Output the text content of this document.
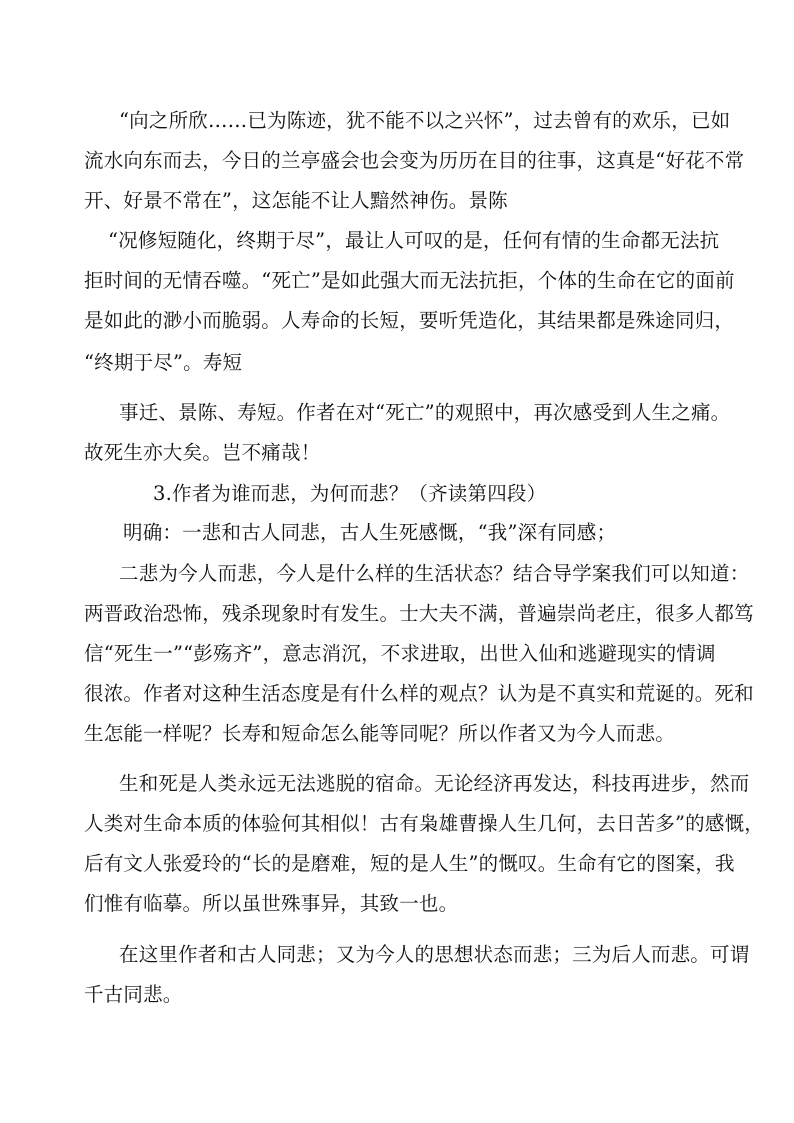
“向之所欣……已为陈迹，犹不能不以之兴怀”，过去曾有的欢乐，已如
流水向东而去，今日的兰亭盛会也会变为历历在目的往事，这真是“好花不常
开、好景不常在”，这怎能不让人黯然神伤。景陈
“况修短随化，终期于尽”，最让人可叹的是，任何有情的生命都无法抗
拒时间的无情吞噬。“死亡”是如此强大而无法抗拒，个体的生命在它的面前
是如此的渺小而脆弱。人寿命的长短，要听凭造化，其结果都是殊途同归，
“终期于尽”。寿短
事迁、景陈、寿短。作者在对“死亡”的观照中，再次感受到人生之痛。
故死生亦大矣。岂不痛哉！
3.作者为谁而悲，为何而悲？（齐读第四段）
明确：一悲和古人同悲，古人生死感慨，“我”深有同感；
二悲为今人而悲，今人是什么样的生活状态？结合导学案我们可以知道：
两晋政治恐怖，残杀现象时有发生。士大夫不满，普遍崇尚老庄，很多人都笃
信“死生一”“彭殇齐”，意志消沉，不求进取，出世入仙和逃避现实的情调
很浓。作者对这种生活态度是有什么样的观点？认为是不真实和荒诞的。死和
生怎能一样呢？长寿和短命怎么能等同呢？所以作者又为今人而悲。
生和死是人类永远无法逃脱的宿命。无论经济再发达，科技再进步，然而
人类对生命本质的体验何其相似！古有枭雄曹操人生几何，去日苦多”的感慨，
后有文人张爱玲的“长的是磨难，短的是人生”的慨叹。生命有它的图案，我
们惟有临摹。所以虽世殊事异，其致一也。
在这里作者和古人同悲；又为今人的思想状态而悲；三为后人而悲。可谓
千古同悲。
